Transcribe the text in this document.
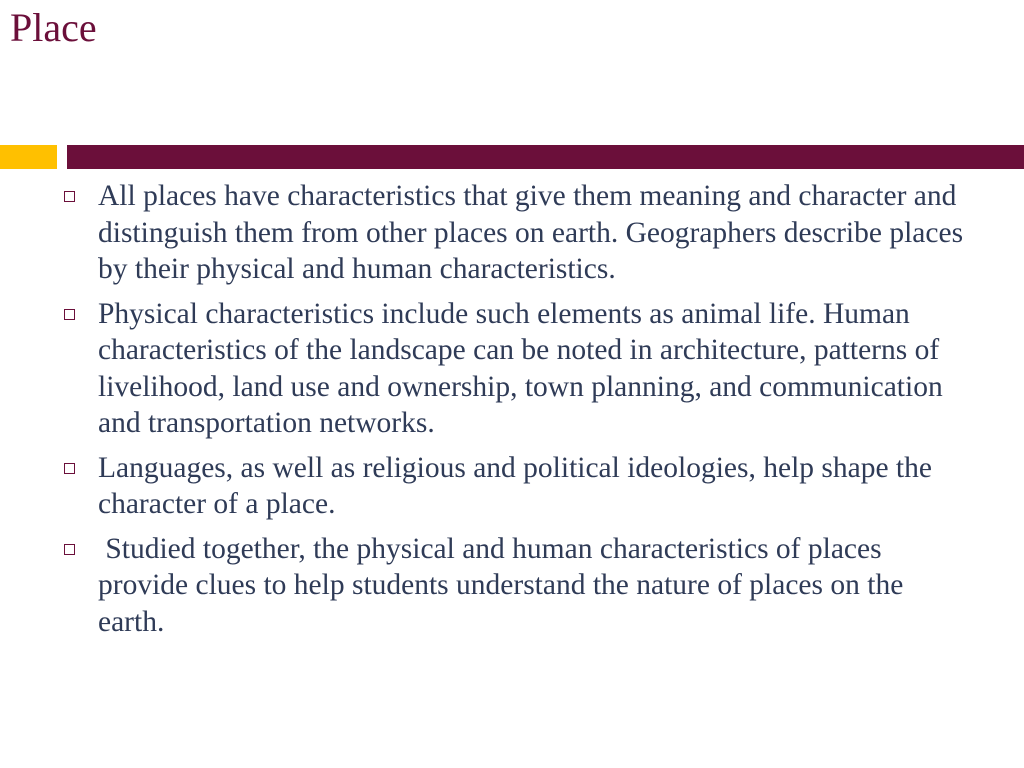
Place
All places have characteristics that give them meaning and character and distinguish them from other places on earth. Geographers describe places by their physical and human characteristics.
Physical characteristics include such elements as animal life. Human characteristics of the landscape can be noted in architecture, patterns of livelihood, land use and ownership, town planning, and communication and transportation networks.
Languages, as well as religious and political ideologies, help shape the character of a place.
Studied together, the physical and human characteristics of places provide clues to help students understand the nature of places on the earth.
